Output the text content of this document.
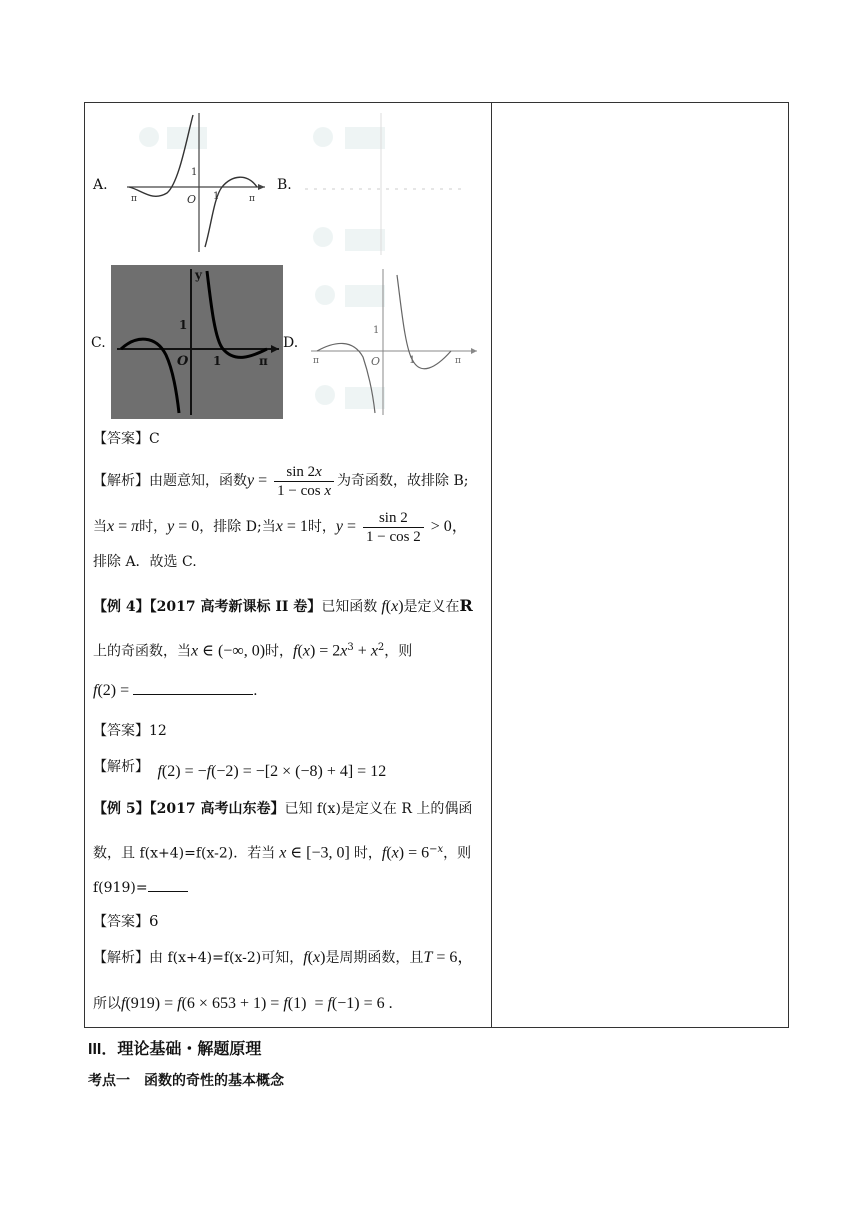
1
O 1
π	π
A.	B.
1
O 1	π
y
C.
1
O	1	π
π
D.
【答案】C
【解析】由题意知，函数$y = \frac{\sin 2x}{\text{1 − cos x}}$ 为奇函数，故排除 B;
当x = π时，y = 0，排除 D;当x = 1时，$y = \frac{\sin 2}{1 - \cos 2} > 0$，
排除 A．故选 C.
【例 4】【2017 高考新课标 II 卷】已知函数 f(x)是定义在R
上的奇函数，当x ∈ (−∞, 0)时，$f(x) = 2x^3 + x^2$，则
f(2) =	.
【答案】12
【解析】 f(2) = −f(−2) = −[2 × (−8) + 4] = 12
【例 5】【2017 高考山东卷】已知 f(x)是定义在 R 上的偶函
数，且 f(x+4)=f(x-2)．若当 x ∈ [−3, 0] 时，$f(x) = 6^{-x}$，则
f(919)=
【答案】6
【解析】由 f(x+4)=f(x-2)可知，f(x)是周期函数，且T = 6，
所以f(919) = f(6 × 653 + 1) = f(1)  = f(−1) = 6 .
III．理论基础・解题原理
考点一　函数的奇性的基本概念
